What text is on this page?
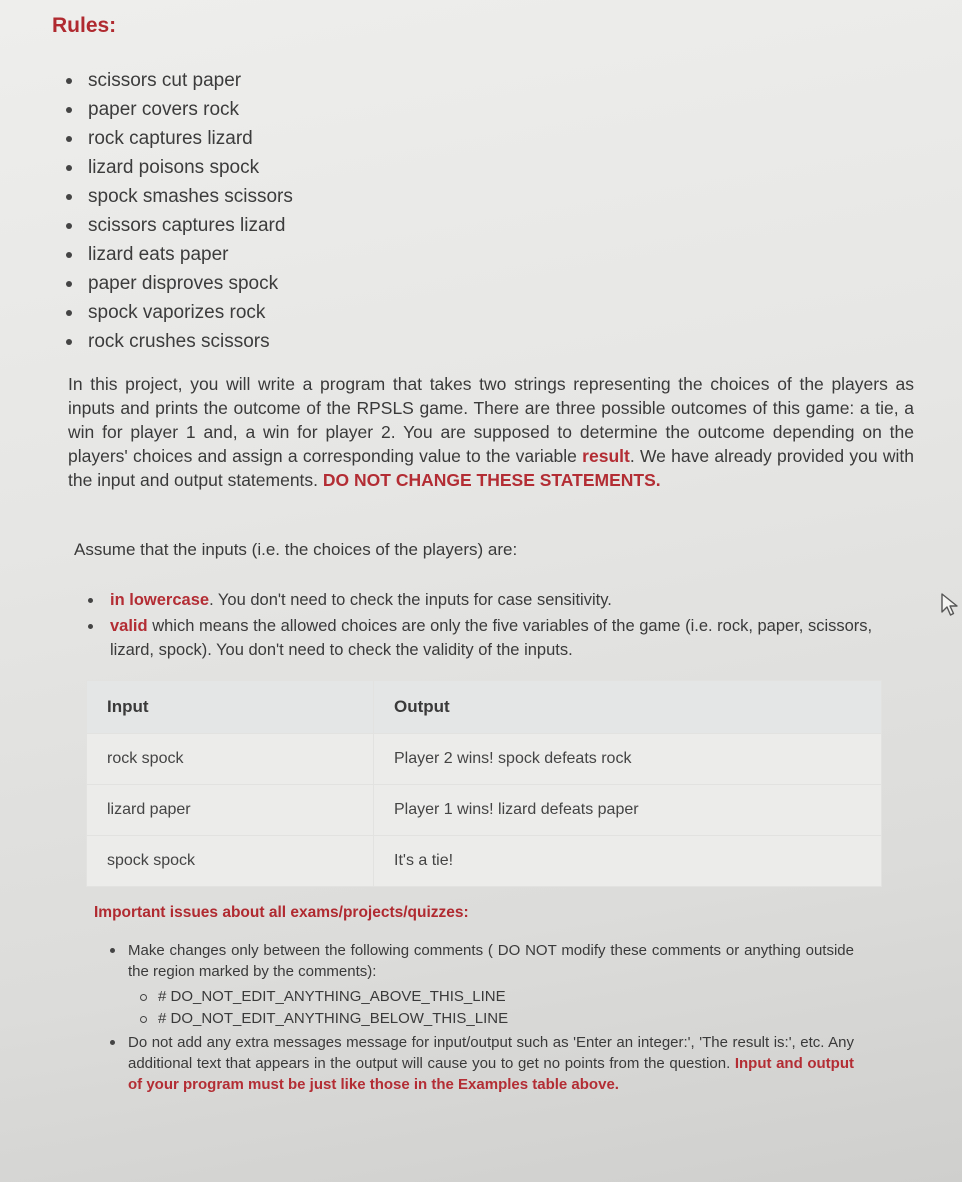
Rules:
scissors cut paper
paper covers rock
rock captures lizard
lizard poisons spock
spock smashes scissors
scissors captures lizard
lizard eats paper
paper disproves spock
spock vaporizes rock
rock crushes scissors

In this project, you will write a program that takes two strings representing the choices of the players as inputs and prints the outcome of the RPSLS game. There are three possible outcomes of this game: a tie, a win for player 1 and, a win for player 2. You are supposed to determine the outcome depending on the players' choices and assign a corresponding value to the variable result. We have already provided you with the input and output statements. DO NOT CHANGE THESE STATEMENTS.

Assume that the inputs (i.e. the choices of the players) are:

in lowercase. You don't need to check the inputs for case sensitivity.
valid which means the allowed choices are only the five variables of the game (i.e. rock, paper, scissors, lizard, spock). You don't need to check the validity of the inputs.
Input	Output
rock spock	Player 2 wins! spock defeats rock
lizard paper	Player 1 wins! lizard defeats paper
spock spock	It's a tie!

Important issues about all exams/projects/quizzes:

Make changes only between the following comments ( DO NOT modify these comments or anything outside the region marked by the comments):
# DO_NOT_EDIT_ANYTHING_ABOVE_THIS_LINE
# DO_NOT_EDIT_ANYTHING_BELOW_THIS_LINE
Do not add any extra messages message for input/output such as 'Enter an integer:', 'The result is:', etc. Any additional text that appears in the output will cause you to get no points from the question. Input and output of your program must be just like those in the Examples table above.
